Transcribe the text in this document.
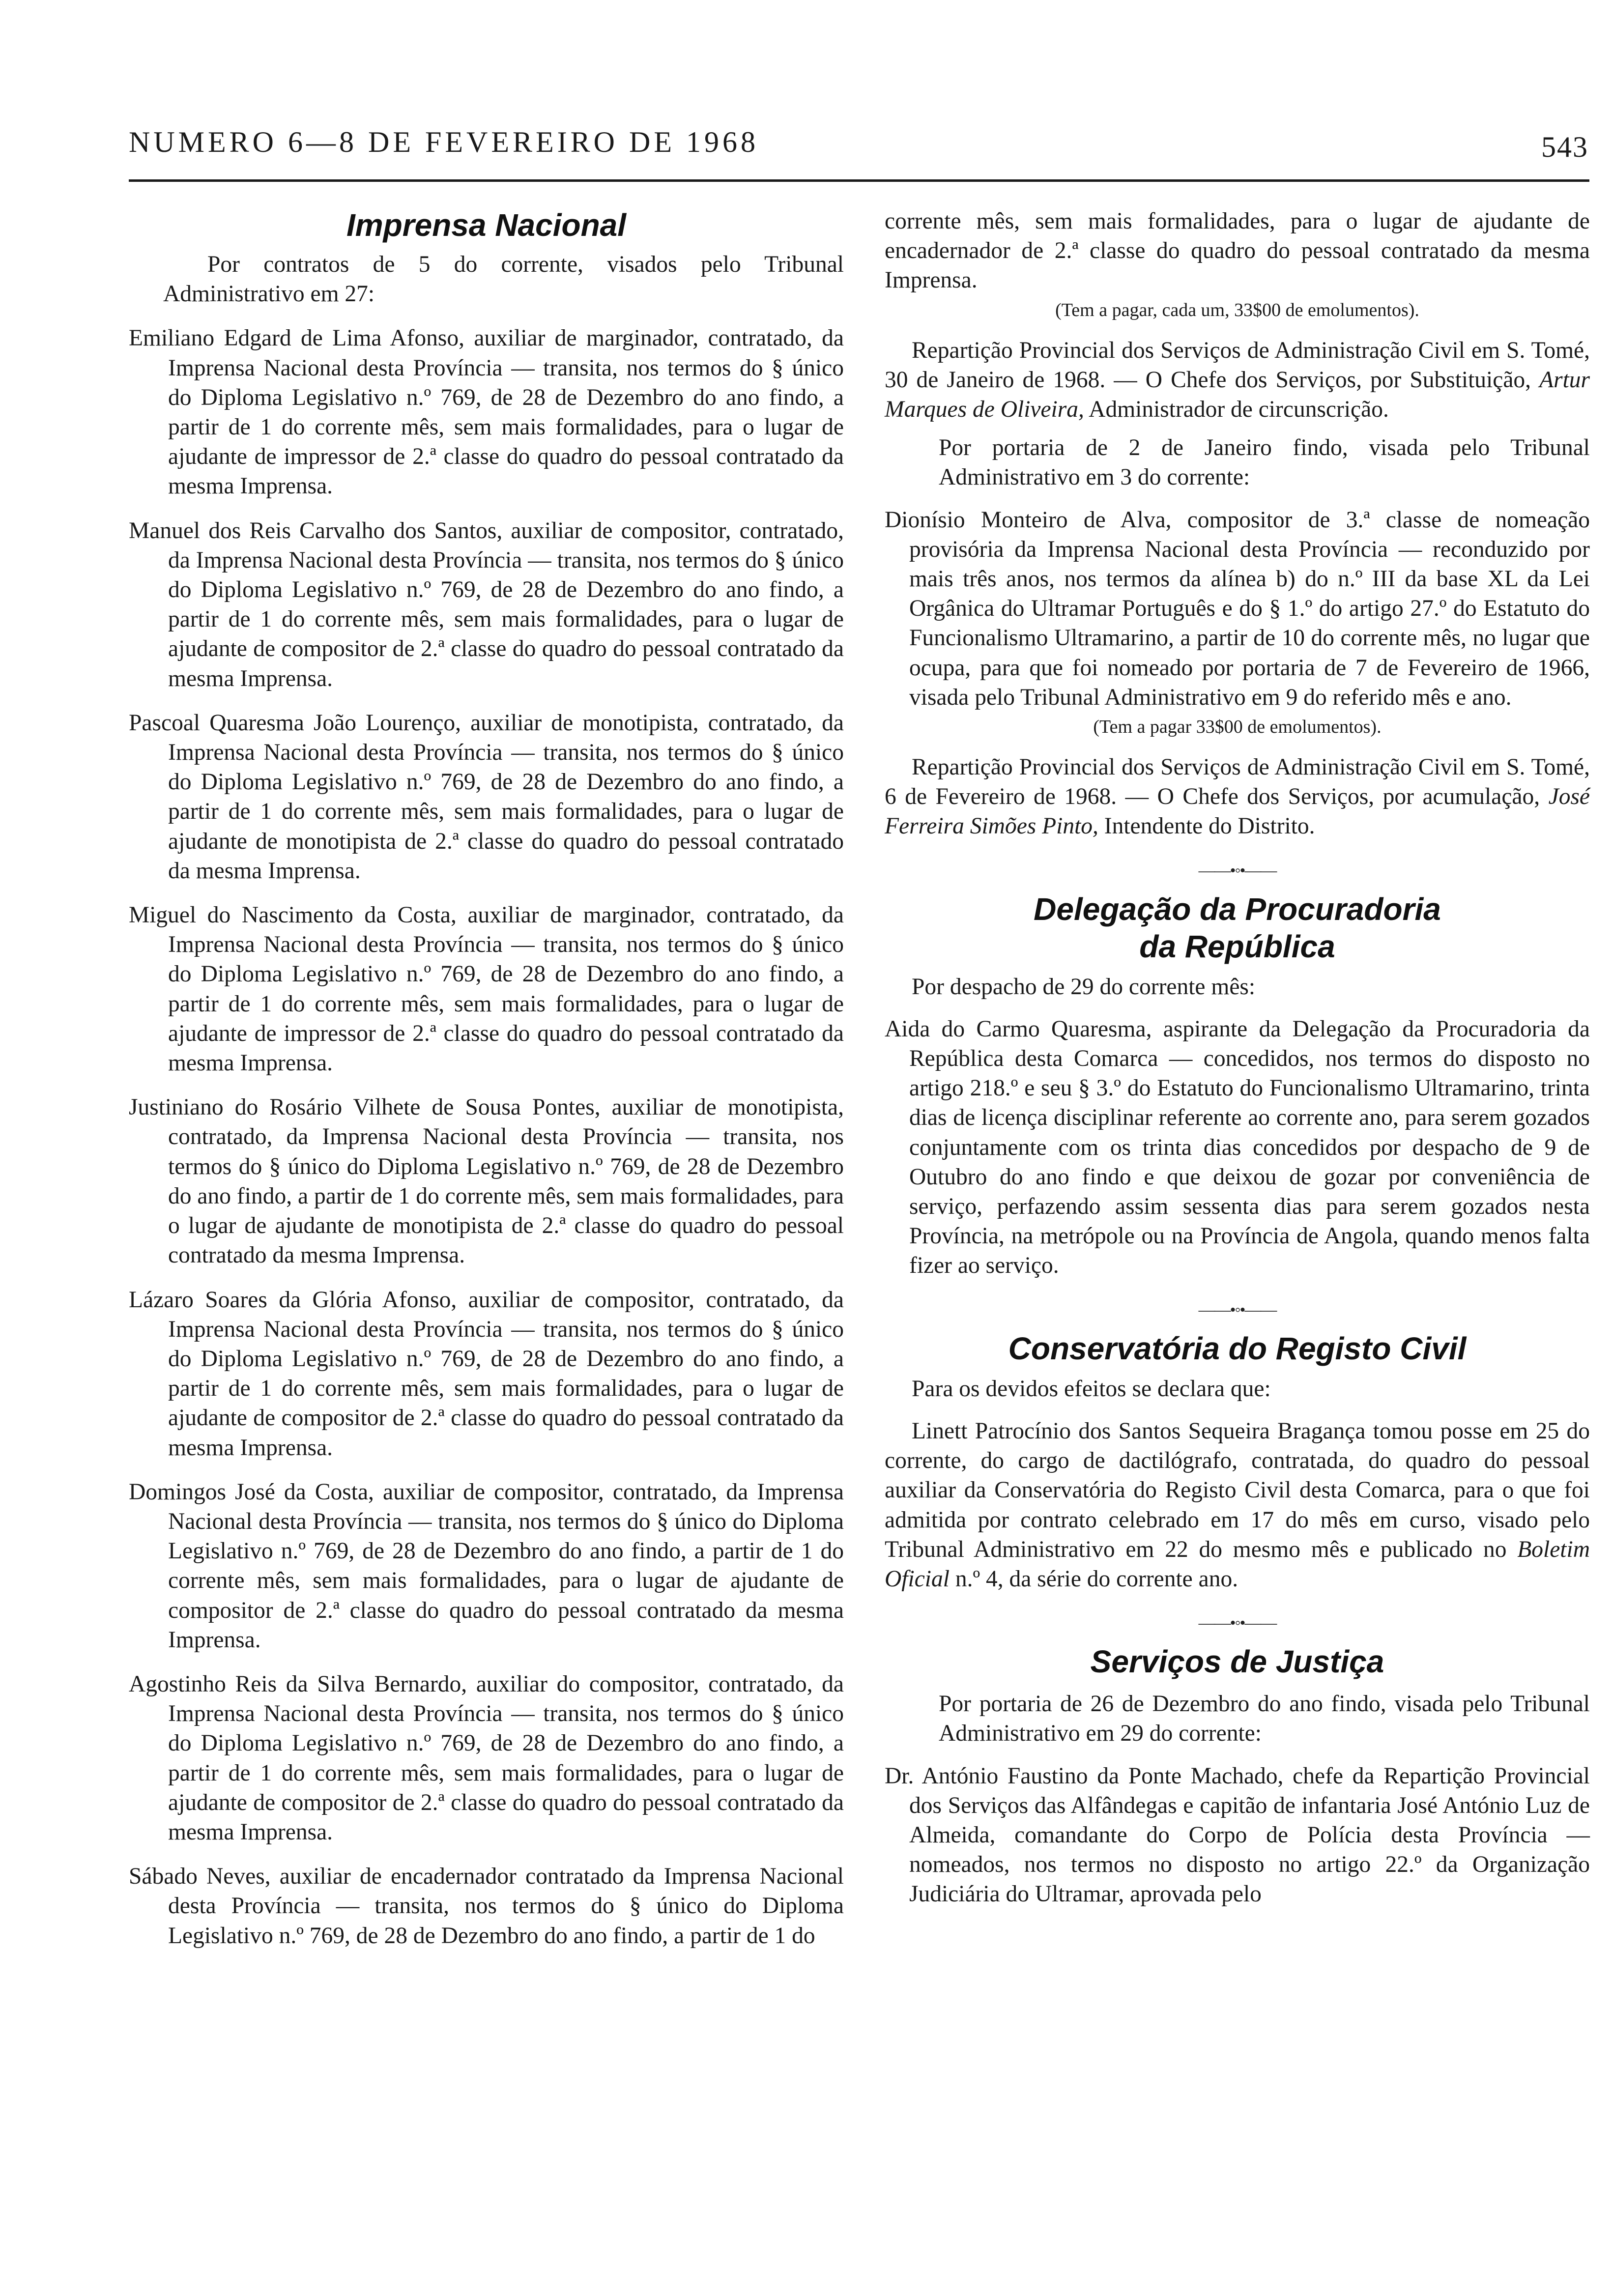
NUMERO 6—8 DE FEVEREIRO DE 1968	543
Imprensa Nacional

Por contratos de 5 do corrente, visados pelo Tribunal Administrativo em 27:

Emiliano Edgard de Lima Afonso, auxiliar de marginador, contratado, da Imprensa Nacional desta Província — transita, nos termos do § único do Diploma Legislativo n.º 769, de 28 de Dezembro do ano findo, a partir de 1 do corrente mês, sem mais formalidades, para o lugar de ajudante de impressor de 2.ª classe do quadro do pessoal contratado da mesma Imprensa.

Manuel dos Reis Carvalho dos Santos, auxiliar de compositor, contratado, da Imprensa Nacional desta Província — transita, nos termos do § único do Diploma Legislativo n.º 769, de 28 de Dezembro do ano findo, a partir de 1 do corrente mês, sem mais formalidades, para o lugar de ajudante de compositor de 2.ª classe do quadro do pessoal contratado da mesma Imprensa.

Pascoal Quaresma João Lourenço, auxiliar de monotipista, contratado, da Imprensa Nacional desta Província — transita, nos termos do § único do Diploma Legislativo n.º 769, de 28 de Dezembro do ano findo, a partir de 1 do corrente mês, sem mais formalidades, para o lugar de ajudante de monotipista de 2.ª classe do quadro do pessoal contratado da mesma Imprensa.

Miguel do Nascimento da Costa, auxiliar de marginador, contratado, da Imprensa Nacional desta Província — transita, nos termos do § único do Diploma Legislativo n.º 769, de 28 de Dezembro do ano findo, a partir de 1 do corrente mês, sem mais formalidades, para o lugar de ajudante de impressor de 2.ª classe do quadro do pessoal contratado da mesma Imprensa.

Justiniano do Rosário Vilhete de Sousa Pontes, auxiliar de monotipista, contratado, da Imprensa Nacional desta Província — transita, nos termos do § único do Diploma Legislativo n.º 769, de 28 de Dezembro do ano findo, a partir de 1 do corrente mês, sem mais formalidades, para o lugar de ajudante de monotipista de 2.ª classe do quadro do pessoal contratado da mesma Imprensa.

Lázaro Soares da Glória Afonso, auxiliar de compositor, contratado, da Imprensa Nacional desta Província — transita, nos termos do § único do Diploma Legislativo n.º 769, de 28 de Dezembro do ano findo, a partir de 1 do corrente mês, sem mais formalidades, para o lugar de ajudante de compositor de 2.ª classe do quadro do pessoal contratado da mesma Imprensa.

Domingos José da Costa, auxiliar de compositor, contratado, da Imprensa Nacional desta Província — transita, nos termos do § único do Diploma Legislativo n.º 769, de 28 de Dezembro do ano findo, a partir de 1 do corrente mês, sem mais formalidades, para o lugar de ajudante de compositor de 2.ª classe do quadro do pessoal contratado da mesma Imprensa.

Agostinho Reis da Silva Bernardo, auxiliar do compositor, contratado, da Imprensa Nacional desta Província — transita, nos termos do § único do Diploma Legislativo n.º 769, de 28 de Dezembro do ano findo, a partir de 1 do corrente mês, sem mais formalidades, para o lugar de ajudante de compositor de 2.ª classe do quadro do pessoal contratado da mesma Imprensa.

Sábado Neves, auxiliar de encadernador contratado da Imprensa Nacional desta Província — transita, nos termos do § único do Diploma Legislativo n.º 769, de 28 de Dezembro do ano findo, a partir de 1 do

corrente mês, sem mais formalidades, para o lugar de ajudante de encadernador de 2.ª classe do quadro do pessoal contratado da mesma Imprensa.

(Tem a pagar, cada um, 33$00 de emolumentos).

Repartição Provincial dos Serviços de Administração Civil em S. Tomé, 30 de Janeiro de 1968. — O Chefe dos Serviços, por Substituição, Artur Marques de Oliveira, Administrador de circunscrição.

Por portaria de 2 de Janeiro findo, visada pelo Tribunal Administrativo em 3 do corrente:

Dionísio Monteiro de Alva, compositor de 3.ª classe de nomeação provisória da Imprensa Nacional desta Província — reconduzido por mais três anos, nos termos da alínea b) do n.º III da base XL da Lei Orgânica do Ultramar Português e do § 1.º do artigo 27.º do Estatuto do Funcionalismo Ultramarino, a partir de 10 do corrente mês, no lugar que ocupa, para que foi nomeado por portaria de 7 de Fevereiro de 1966, visada pelo Tribunal Administrativo em 9 do referido mês e ano.

(Tem a pagar 33$00 de emolumentos).

Repartição Provincial dos Serviços de Administração Civil em S. Tomé, 6 de Fevereiro de 1968. — O Chefe dos Serviços, por acumulação, José Ferreira Simões Pinto, Intendente do Distrito.

——•◦•——
Delegação da Procuradoria
da República

Por despacho de 29 do corrente mês:

Aida do Carmo Quaresma, aspirante da Delegação da Procuradoria da República desta Comarca — concedidos, nos termos do disposto no artigo 218.º e seu § 3.º do Estatuto do Funcionalismo Ultramarino, trinta dias de licença disciplinar referente ao corrente ano, para serem gozados conjuntamente com os trinta dias concedidos por despacho de 9 de Outubro do ano findo e que deixou de gozar por conveniência de serviço, perfazendo assim sessenta dias para serem gozados nesta Província, na metrópole ou na Província de Angola, quando menos falta fizer ao serviço.

——•◦•——
Conservatória do Registo Civil

Para os devidos efeitos se declara que:

Linett Patrocínio dos Santos Sequeira Bragança tomou posse em 25 do corrente, do cargo de dactilógrafo, contratada, do quadro do pessoal auxiliar da Conservatória do Registo Civil desta Comarca, para o que foi admitida por contrato celebrado em 17 do mês em curso, visado pelo Tribunal Administrativo em 22 do mesmo mês e publicado no Boletim Oficial n.º 4, da série do corrente ano.

——•◦•——
Serviços de Justiça

Por portaria de 26 de Dezembro do ano findo, visada pelo Tribunal Administrativo em 29 do corrente:

Dr. António Faustino da Ponte Machado, chefe da Repartição Provincial dos Serviços das Alfândegas e capitão de infantaria José António Luz de Almeida, comandante do Corpo de Polícia desta Província — nomeados, nos termos no disposto no artigo 22.º da Organização Judiciária do Ultramar, aprovada pelo
